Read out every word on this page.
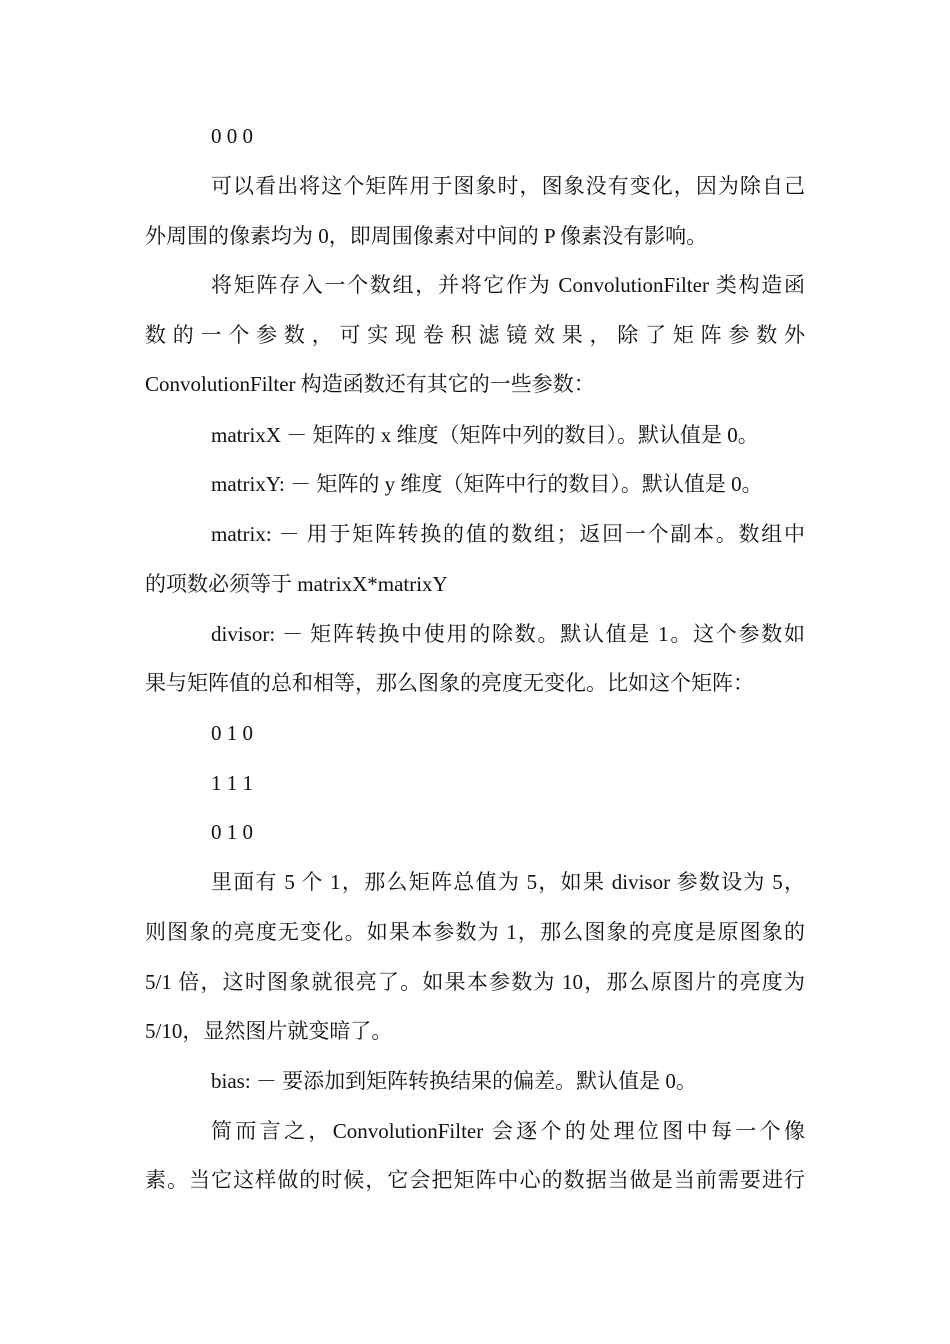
0 0 0
可以看出将这个矩阵用于图象时，图象没有变化，因为除自己
外周围的像素均为 0，即周围像素对中间的 P 像素没有影响。
将矩阵存入一个数组，并将它作为 ConvolutionFilter 类构造函
数 的 一 个 参 数 ， 可 实 现 卷 积 滤 镜 效 果 ， 除 了 矩 阵 参 数 外
ConvolutionFilter 构造函数还有其它的一些参数：
matrixX － 矩阵的 x 维度（矩阵中列的数目）。默认值是 0。
matrixY: － 矩阵的 y 维度（矩阵中行的数目）。默认值是 0。
matrix: － 用于矩阵转换的值的数组；返回一个副本。数组中
的项数必须等于 matrixX*matrixY
divisor: － 矩阵转换中使用的除数。默认值是 1。这个参数如
果与矩阵值的总和相等，那么图象的亮度无变化。比如这个矩阵：
0 1 0
1 1 1
0 1 0
里面有 5 个 1，那么矩阵总值为 5，如果 divisor 参数设为 5，
则图象的亮度无变化。如果本参数为 1，那么图象的亮度是原图象的
5/1 倍，这时图象就很亮了。如果本参数为 10，那么原图片的亮度为
5/10，显然图片就变暗了。
bias: － 要添加到矩阵转换结果的偏差。默认值是 0。
简而言之，ConvolutionFilter 会逐个的处理位图中每一个像
素。当它这样做的时候，它会把矩阵中心的数据当做是当前需要进行
